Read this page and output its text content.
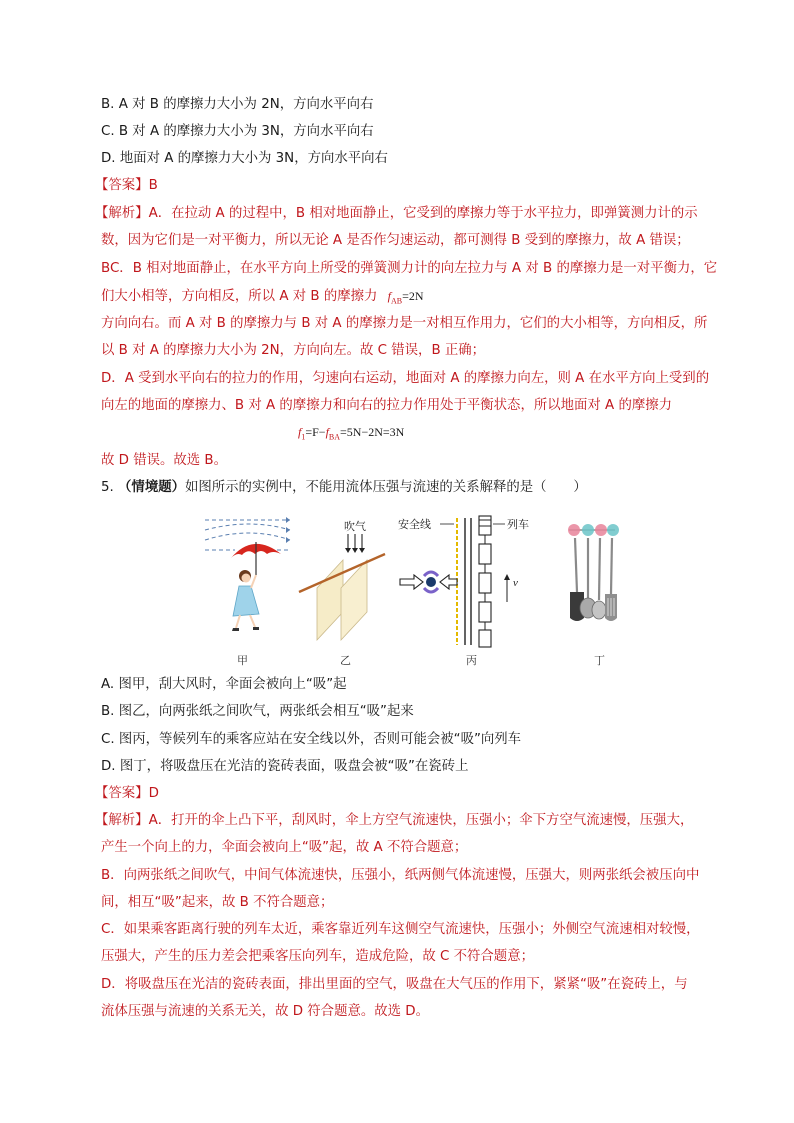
B. A 对 B 的摩擦力大小为 2N，方向水平向右
C. B 对 A 的摩擦力大小为 3N，方向水平向右
D. 地面对 A 的摩擦力大小为 3N，方向水平向右
【答案】B
【解析】A．在拉动 A 的过程中，B 相对地面静止，它受到的摩擦力等于水平拉力，即弹簧测力计的示
数，因为它们是一对平衡力，所以无论 A 是否作匀速运动，都可测得 B 受到的摩擦力，故 A 错误；
BC．B 相对地面静止，在水平方向上所受的弹簧测力计的向左拉力与 A 对 B 的摩擦力是一对平衡力，它
们大小相等，方向相反，所以 A 对 B 的摩擦力 $f_{AB}=2N$
方向向右。而 A 对 B 的摩擦力与 B 对 A 的摩擦力是一对相互作用力，它们的大小相等，方向相反，所
以 B 对 A 的摩擦力大小为 2N，方向向左。故 C 错误，B 正确；
D．A 受到水平向右的拉力的作用，匀速向右运动，地面对 A 的摩擦力向左，则 A 在水平方向上受到的
向左的地面的摩擦力、B 对 A 的摩擦力和向右的拉力作用处于平衡状态，所以地面对 A 的摩擦力
$f_1=F-f_{BA}=5N-2N=3N$
故 D 错误。故选 B。
5. （情境题）如图所示的实例中，不能用流体压强与流速的关系解释的是（　　）
吹气	安全线	列车
v
甲	乙	丙	丁
A. 图甲，刮大风时，伞面会被向上“吸”起
B. 图乙，向两张纸之间吹气，两张纸会相互“吸”起来
C. 图丙，等候列车的乘客应站在安全线以外，否则可能会被“吸”向列车
D. 图丁，将吸盘压在光洁的瓷砖表面，吸盘会被“吸”在瓷砖上
【答案】D
【解析】A．打开的伞上凸下平，刮风时，伞上方空气流速快，压强小；伞下方空气流速慢，压强大，
产生一个向上的力，伞面会被向上“吸”起，故 A 不符合题意；
B．向两张纸之间吹气，中间气体流速快，压强小，纸两侧气体流速慢，压强大，则两张纸会被压向中
间，相互“吸”起来，故 B 不符合题意；
C．如果乘客距离行驶的列车太近，乘客靠近列车这侧空气流速快，压强小；外侧空气流速相对较慢，
压强大，产生的压力差会把乘客压向列车，造成危险，故 C 不符合题意；
D．将吸盘压在光洁的瓷砖表面，排出里面的空气，吸盘在大气压的作用下，紧紧“吸”在瓷砖上，与
流体压强与流速的关系无关，故 D 符合题意。故选 D。
